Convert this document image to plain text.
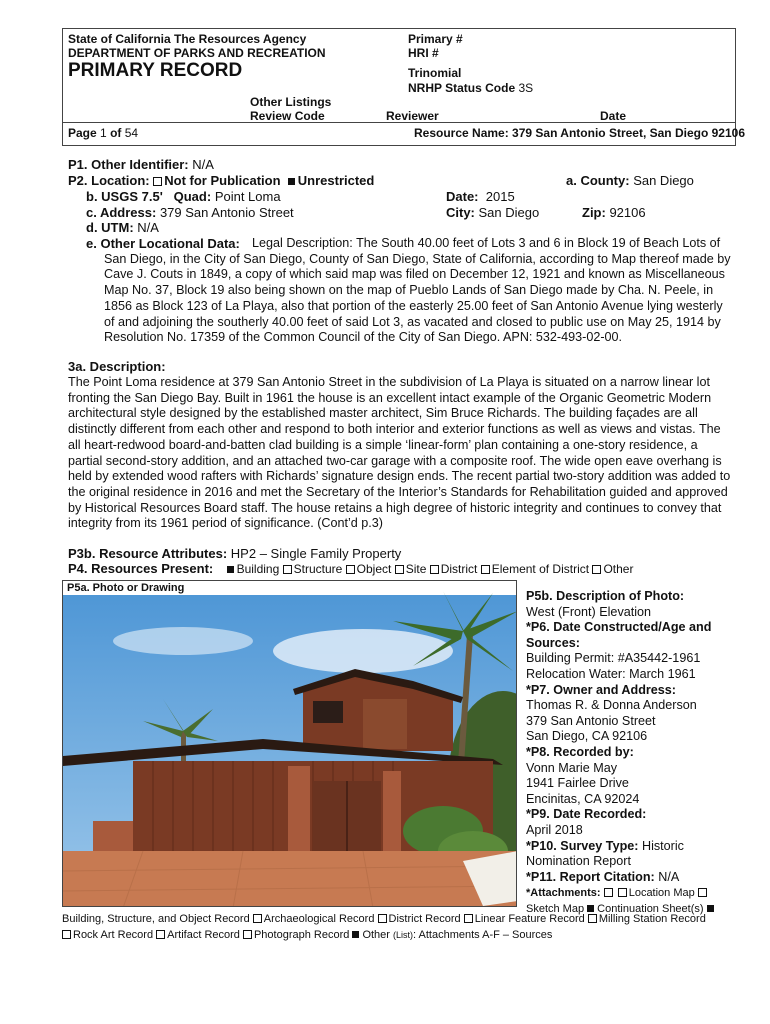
State of California The Resources Agency
DEPARTMENT OF PARKS AND RECREATION
PRIMARY RECORD
Primary #
HRI #
Trinomial
NRHP Status Code 3S
Other Listings
Review Code	Reviewer	Date
Page 1 of 54	Resource Name: 379 San Antonio Street, San Diego 92106
P1. Other Identifier: N/A
P2. Location: Not for Publication Unrestricted	a. County: San Diego
b. USGS 7.5' Quad: Point Loma	Date: 2015
c. Address: 379 San Antonio Street	City: San Diego	Zip: 92106
d. UTM: N/A
e. Other Locational Data: Legal Description: The South 40.00 feet of Lots 3 and 6 in Block 19 of Beach Lots of San Diego, in the City of San Diego, County of San Diego, State of California, according to Map thereof made by Cave J. Couts in 1849, a copy of which said map was filed on December 12, 1921 and known as Miscellaneous Map No. 37, Block 19 also being shown on the map of Pueblo Lands of San Diego made by Cha. N. Peele, in 1856 as Block 123 of La Playa, also that portion of the easterly 25.00 feet of San Antonio Avenue lying westerly of and adjoining the southerly 40.00 feet of said Lot 3, as vacated and closed to public use on May 25, 1914 by Resolution No. 17359 of the Common Council of the City of San Diego. APN: 532-493-02-00.
3a. Description:
The Point Loma residence at 379 San Antonio Street in the subdivision of La Playa is situated on a narrow linear lot fronting the San Diego Bay. Built in 1961 the house is an excellent intact example of the Organic Geometric Modern architectural style designed by the established master architect, Sim Bruce Richards. The building façades are all distinctly different from each other and respond to both interior and exterior functions as well as views and vistas. The all heart-redwood board-and-batten clad building is a simple ‘linear-form’ plan containing a one-story residence, a partial second-story addition, and an attached two-car garage with a composite roof. The wide open eave overhang is held by extended wood rafters with Richards’ signature design ends. The recent partial two-story addition was added to the original residence in 2016 and met the Secretary of the Interior’s Standards for Rehabilitation guided and approved by Historical Resources Board staff. The house retains a high degree of historic integrity and continues to convey that integrity from its 1961 period of significance. (Cont’d p.3)
P3b. Resource Attributes: HP2 – Single Family Property
P4. Resources Present: Building Structure Object Site District Element of District Other
P5a. Photo or Drawing
P5b. Description of Photo:
West (Front) Elevation
*P6. Date Constructed/Age and
Sources:
Building Permit: #A35442-1961
Relocation Water: March 1961
*P7. Owner and Address:
Thomas R. & Donna Anderson
379 San Antonio Street
San Diego, CA 92106
*P8. Recorded by:
Vonn Marie May
1941 Fairlee Drive
Encinitas, CA 92024
*P9. Date Recorded:
April 2018
*P10. Survey Type: Historic
Nomination Report
*P11. Report Citation: N/A
*Attachments:	Location Map
Sketch Map Continuation Sheet(s)
Building, Structure, and Object Record Archaeological Record District Record Linear Feature Record Milling Station Record
Rock Art Record Artifact Record Photograph Record Other (List): Attachments A-F – Sources
